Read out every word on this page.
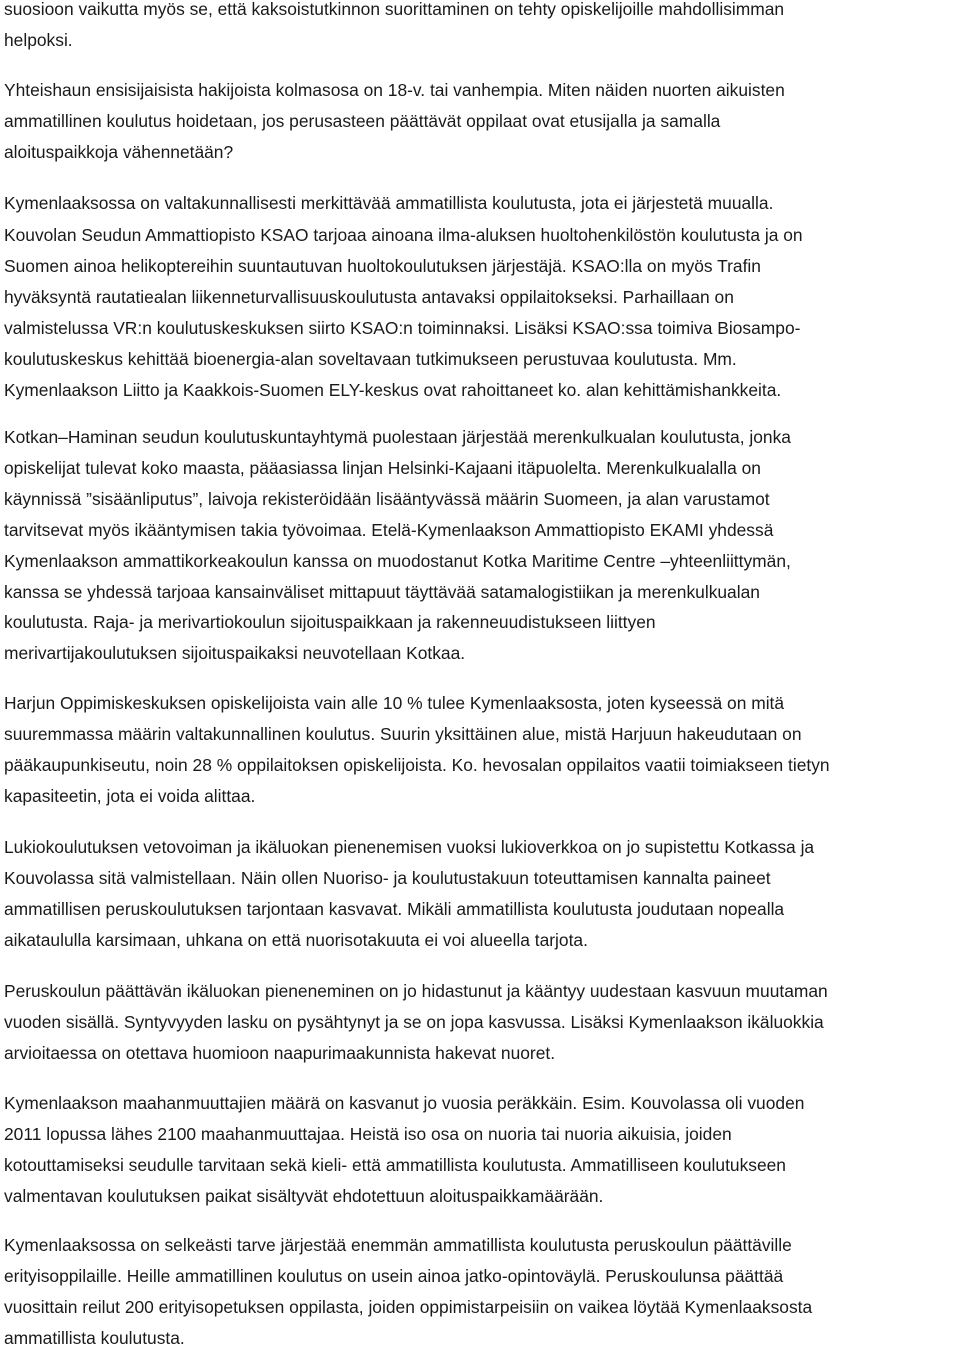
suosioon vaikutta myös se, että kaksoistutkinnon suorittaminen on tehty opiskelijoille mahdollisimman
helpoksi.

Yhteishaun ensisijaisista hakijoista kolmasosa on 18-v. tai vanhempia. Miten näiden nuorten aikuisten
ammatillinen koulutus hoidetaan, jos perusasteen päättävät oppilaat ovat etusijalla ja samalla
aloituspaikkoja vähennetään?

Kymenlaaksossa on valtakunnallisesti merkittävää ammatillista koulutusta, jota ei järjestetä muualla.

Kouvolan Seudun Ammattiopisto KSAO tarjoaa ainoana ilma-aluksen huoltohenkilöstön koulutusta ja on
Suomen ainoa helikoptereihin suuntautuvan huoltokoulutuksen järjestäjä. KSAO:lla on myös Trafin
hyväksyntä rautatiealan liikenneturvallisuuskoulutusta antavaksi oppilaitokseksi. Parhaillaan on
valmistelussa VR:n koulutuskeskuksen siirto KSAO:n toiminnaksi. Lisäksi KSAO:ssa toimiva Biosampo-
koulutuskeskus kehittää bioenergia-alan soveltavaan tutkimukseen perustuvaa koulutusta. Mm.
Kymenlaakson Liitto ja Kaakkois-Suomen ELY-keskus ovat rahoittaneet ko. alan kehittämishankkeita.

Kotkan–Haminan seudun koulutuskuntayhtymä puolestaan järjestää merenkulkualan koulutusta, jonka
opiskelijat tulevat koko maasta, pääasiassa linjan Helsinki-Kajaani itäpuolelta. Merenkulkualalla on
käynnissä ”sisäänliputus”, laivoja rekisteröidään lisääntyvässä määrin Suomeen, ja alan varustamot
tarvitsevat myös ikääntymisen takia työvoimaa. Etelä-Kymenlaakson Ammattiopisto EKAMI yhdessä
Kymenlaakson ammattikorkeakoulun kanssa on muodostanut Kotka Maritime Centre –yhteenliittymän,
kanssa se yhdessä tarjoaa kansainväliset mittapuut täyttävää satamalogistiikan ja merenkulkualan
koulutusta. Raja- ja merivartiokoulun sijoituspaikkaan ja rakenneuudistukseen liittyen
merivartijakoulutuksen sijoituspaikaksi neuvotellaan Kotkaa.

Harjun Oppimiskeskuksen opiskelijoista vain alle 10 % tulee Kymenlaaksosta, joten kyseessä on mitä
suuremmassa määrin valtakunnallinen koulutus. Suurin yksittäinen alue, mistä Harjuun hakeudutaan on
pääkaupunkiseutu, noin 28 % oppilaitoksen opiskelijoista. Ko. hevosalan oppilaitos vaatii toimiakseen tietyn
kapasiteetin, jota ei voida alittaa.

Lukiokoulutuksen vetovoiman ja ikäluokan pienenemisen vuoksi lukioverkkoa on jo supistettu Kotkassa ja
Kouvolassa sitä valmistellaan. Näin ollen Nuoriso- ja koulutustakuun toteuttamisen kannalta paineet
ammatillisen peruskoulutuksen tarjontaan kasvavat. Mikäli ammatillista koulutusta joudutaan nopealla
aikataululla karsimaan, uhkana on että nuorisotakuuta ei voi alueella tarjota.

Peruskoulun päättävän ikäluokan pieneneminen on jo hidastunut ja kääntyy uudestaan kasvuun muutaman
vuoden sisällä. Syntyvyyden lasku on pysähtynyt ja se on jopa kasvussa. Lisäksi Kymenlaakson ikäluokkia
arvioitaessa on otettava huomioon naapurimaakunnista hakevat nuoret.

Kymenlaakson maahanmuuttajien määrä on kasvanut jo vuosia peräkkäin. Esim. Kouvolassa oli vuoden
2011 lopussa lähes 2100 maahanmuuttajaa. Heistä iso osa on nuoria tai nuoria aikuisia, joiden
kotouttamiseksi seudulle tarvitaan sekä kieli- että ammatillista koulutusta. Ammatilliseen koulutukseen
valmentavan koulutuksen paikat sisältyvät ehdotettuun aloituspaikkamäärään.

Kymenlaaksossa on selkeästi tarve järjestää enemmän ammatillista koulutusta peruskoulun päättäville
erityisoppilaille. Heille ammatillinen koulutus on usein ainoa jatko-opintoväylä. Peruskoulunsa päättää
vuosittain reilut 200 erityisopetuksen oppilasta, joiden oppimistarpeisiin on vaikea löytää Kymenlaaksosta
ammatillista koulutusta.
